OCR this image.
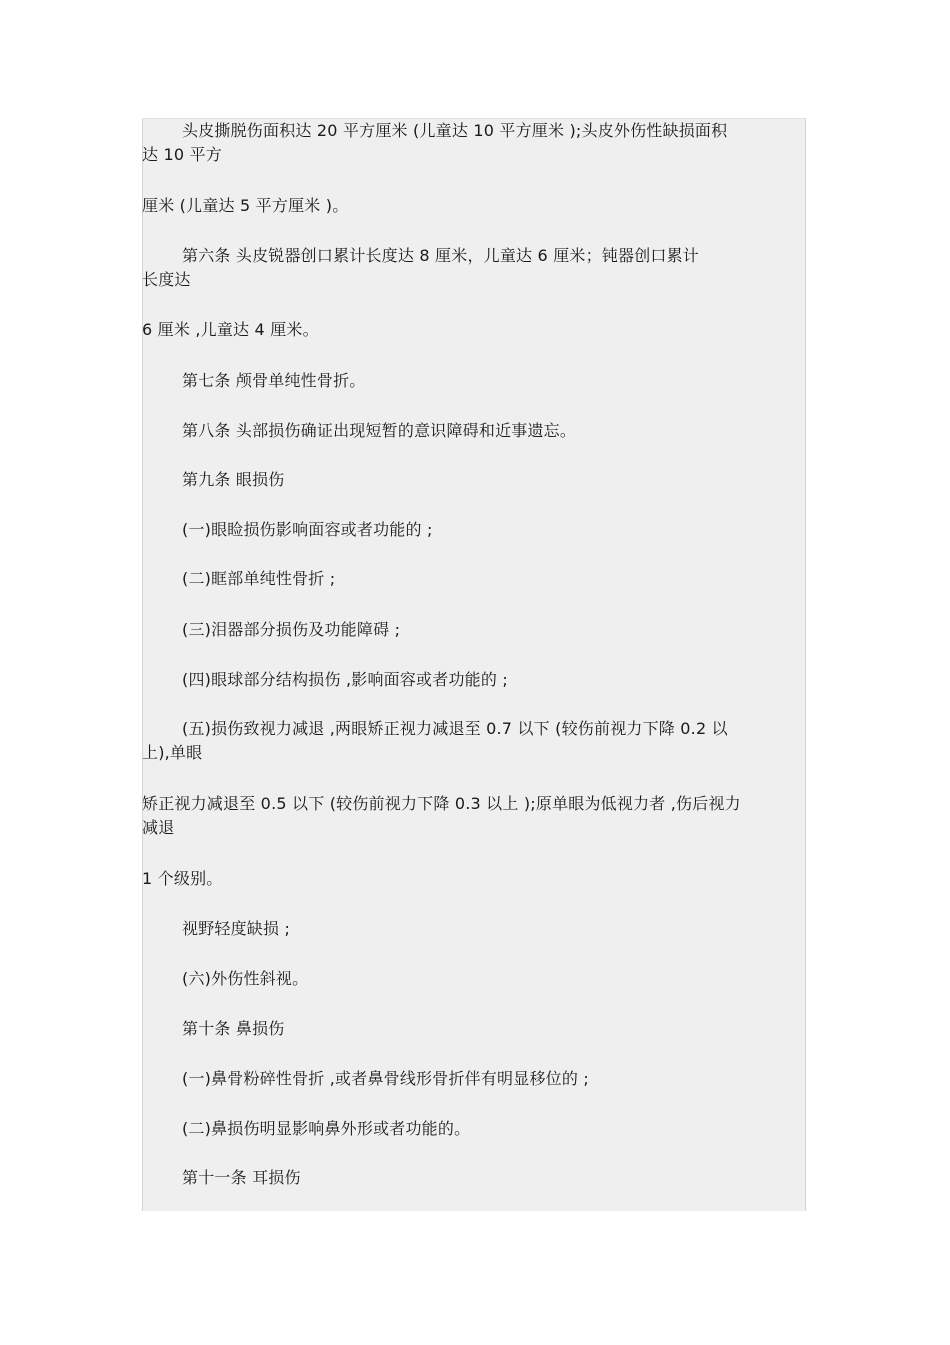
头皮撕脱伤面积达 20 平方厘米 (儿童达 10 平方厘米 );头皮外伤性缺损面积
达 10 平方
厘米 (儿童达 5 平方厘米 )。
第六条 头皮锐器创口累计长度达 8 厘米，儿童达 6 厘米；钝器创口累计
长度达
6 厘米 ,儿童达 4 厘米。
第七条 颅骨单纯性骨折。
第八条 头部损伤确证出现短暂的意识障碍和近事遗忘。
第九条 眼损伤
(一)眼睑损伤影响面容或者功能的 ;
(二)眶部单纯性骨折 ;
(三)泪器部分损伤及功能障碍 ;
(四)眼球部分结构损伤 ,影响面容或者功能的 ;
(五)损伤致视力减退 ,两眼矫正视力减退至 0.7 以下 (较伤前视力下降 0.2 以
上),单眼
矫正视力减退至 0.5 以下 (较伤前视力下降 0.3 以上 );原单眼为低视力者 ,伤后视力
减退
1 个级别。
视野轻度缺损 ;
(六)外伤性斜视。
第十条 鼻损伤
(一)鼻骨粉碎性骨折 ,或者鼻骨线形骨折伴有明显移位的 ;
(二)鼻损伤明显影响鼻外形或者功能的。
第十一条 耳损伤
